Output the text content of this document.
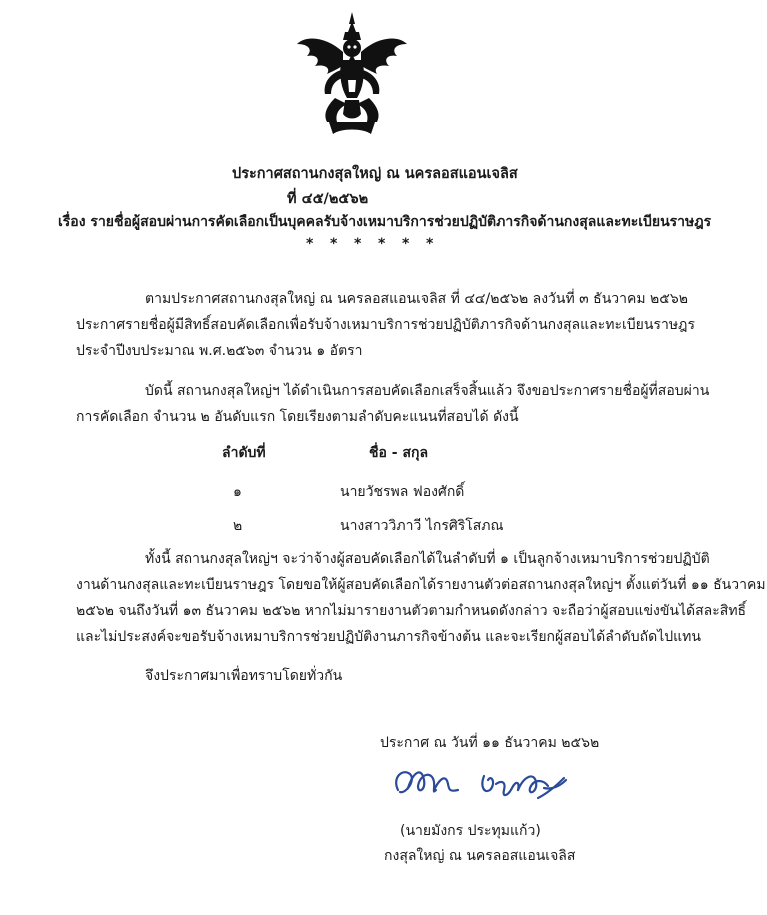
ประกาศสถานกงสุลใหญ่ ณ นครลอสแอนเจลิส
ที่ ๔๕/๒๕๖๒
เรื่อง รายชื่อผู้สอบผ่านการคัดเลือกเป็นบุคคลรับจ้างเหมาบริการช่วยปฏิบัติภารกิจด้านกงสุลและทะเบียนราษฎร
* * * * * *
ตามประกาศสถานกงสุลใหญ่ ณ นครลอสแอนเจลิส ที่ ๔๔/๒๕๖๒ ลงวันที่ ๓ ธันวาคม ๒๕๖๒
ประกาศรายชื่อผู้มีสิทธิ์สอบคัดเลือกเพื่อรับจ้างเหมาบริการช่วยปฏิบัติภารกิจด้านกงสุลและทะเบียนราษฎร
ประจำปีงบประมาณ พ.ศ.๒๕๖๓ จำนวน ๑ อัตรา
บัดนี้ สถานกงสุลใหญ่ฯ ได้ดำเนินการสอบคัดเลือกเสร็จสิ้นแล้ว จึงขอประกาศรายชื่อผู้ที่สอบผ่าน
การคัดเลือก จำนวน ๒ อันดับแรก โดยเรียงตามลำดับคะแนนที่สอบได้ ดังนี้
ลำดับที่	ชื่อ - สกุล
๑	นายวัชรพล ฟองศักดิ์
๒	นางสาววิภาวี ไกรศิริโสภณ
ทั้งนี้ สถานกงสุลใหญ่ฯ จะว่าจ้างผู้สอบคัดเลือกได้ในลำดับที่ ๑ เป็นลูกจ้างเหมาบริการช่วยปฏิบัติ
งานด้านกงสุลและทะเบียนราษฎร โดยขอให้ผู้สอบคัดเลือกได้รายงานตัวต่อสถานกงสุลใหญ่ฯ ตั้งแต่วันที่ ๑๑ ธันวาคม
๒๕๖๒ จนถึงวันที่ ๑๓ ธันวาคม ๒๕๖๒ หากไม่มารายงานตัวตามกำหนดดังกล่าว จะถือว่าผู้สอบแข่งขันได้สละสิทธิ์
และไม่ประสงค์จะขอรับจ้างเหมาบริการช่วยปฏิบัติงานภารกิจข้างต้น และจะเรียกผู้สอบได้ลำดับถัดไปแทน
จึงประกาศมาเพื่อทราบโดยทั่วกัน
ประกาศ ณ วันที่ ๑๑ ธันวาคม ๒๕๖๒
(นายมังกร ประทุมแก้ว)
กงสุลใหญ่ ณ นครลอสแอนเจลิส
